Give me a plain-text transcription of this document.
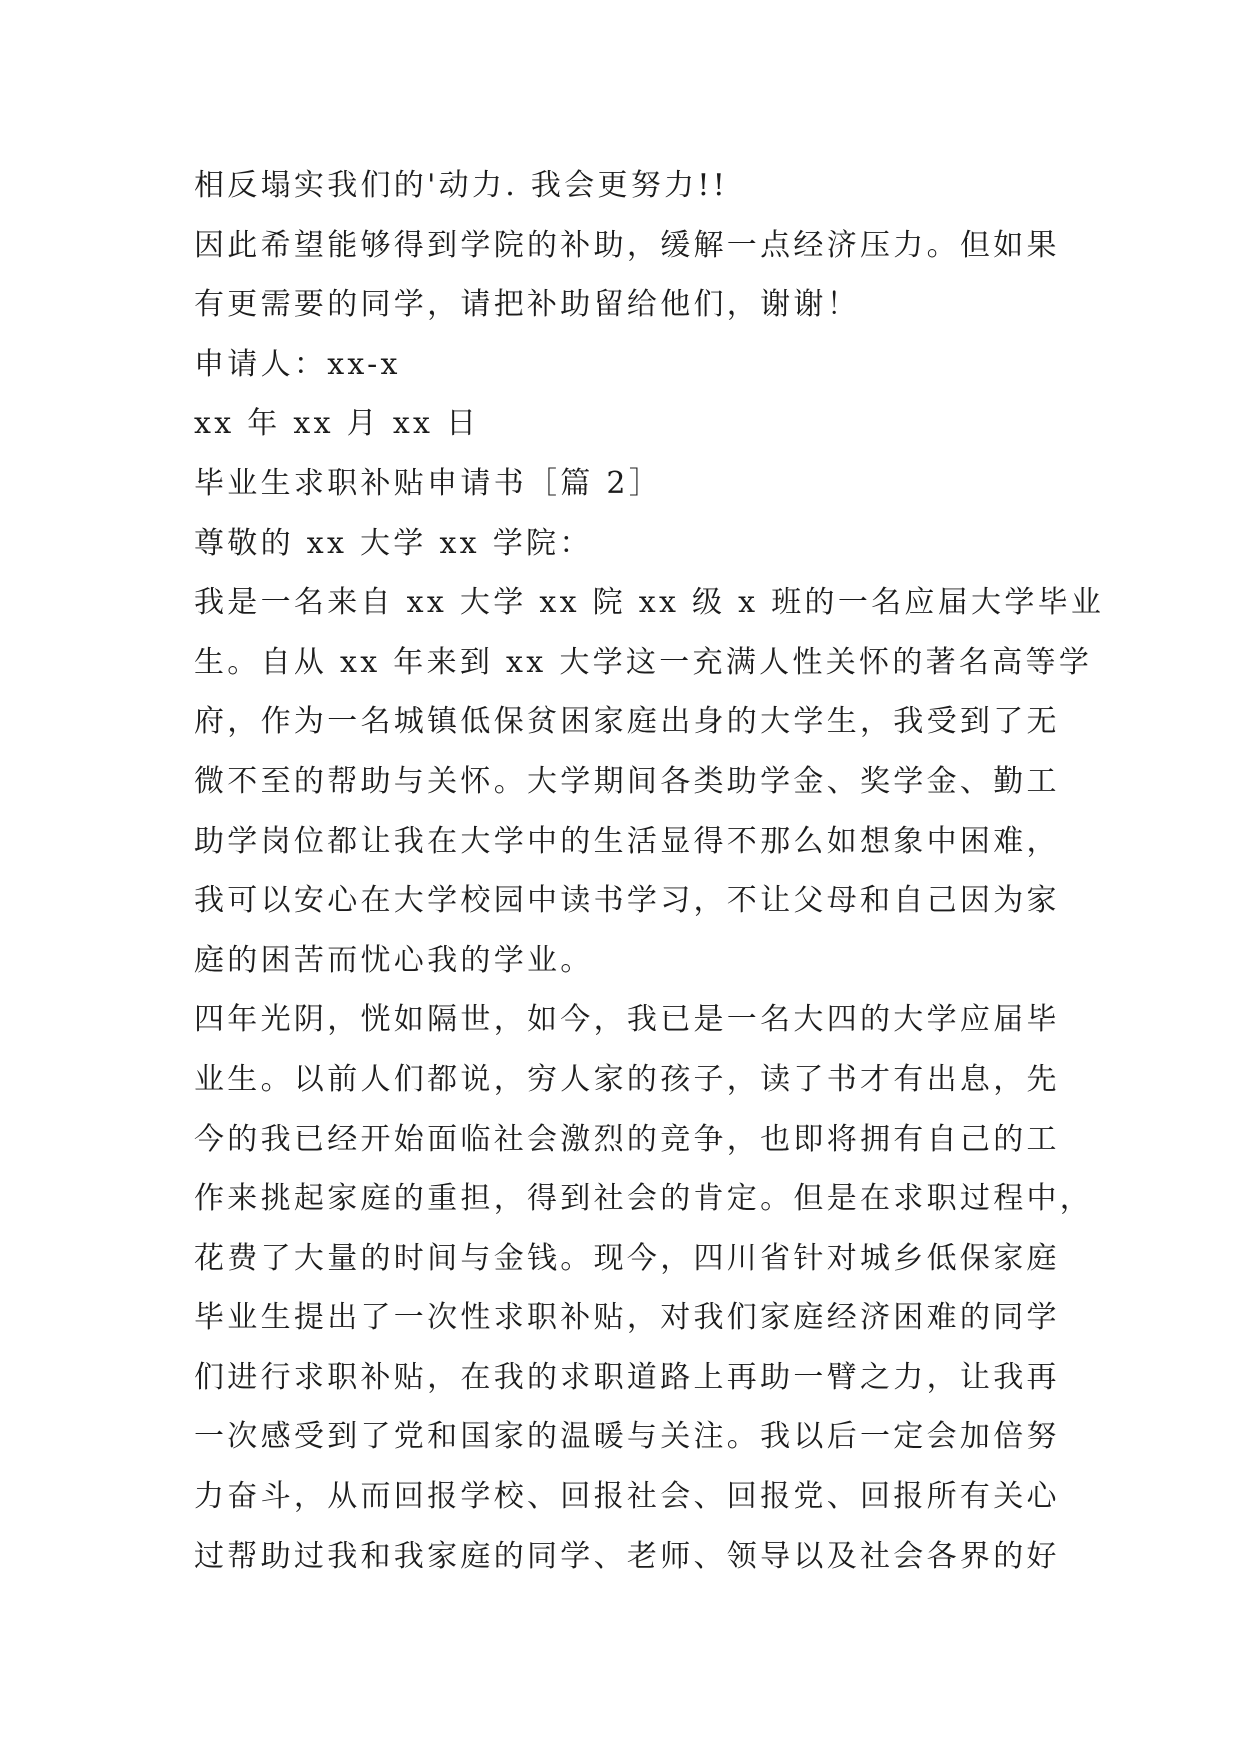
相反塌实我们的'动力. 我会更努力!!
因此希望能够得到学院的补助，缓解一点经济压力。但如果
有更需要的同学，请把补助留给他们，谢谢！
申请人：xx-x
xx 年 xx 月 xx 日
毕业生求职补贴申请书［篇 2］
尊敬的 xx 大学 xx 学院：
我是一名来自 xx 大学 xx 院 xx 级 x 班的一名应届大学毕业
生。自从 xx 年来到 xx 大学这一充满人性关怀的著名高等学
府，作为一名城镇低保贫困家庭出身的大学生，我受到了无
微不至的帮助与关怀。大学期间各类助学金、奖学金、勤工
助学岗位都让我在大学中的生活显得不那么如想象中困难，
我可以安心在大学校园中读书学习，不让父母和自己因为家
庭的困苦而忧心我的学业。
四年光阴，恍如隔世，如今，我已是一名大四的大学应届毕
业生。以前人们都说，穷人家的孩子，读了书才有出息，先
今的我已经开始面临社会激烈的竞争，也即将拥有自己的工
作来挑起家庭的重担，得到社会的肯定。但是在求职过程中，
花费了大量的时间与金钱。现今，四川省针对城乡低保家庭
毕业生提出了一次性求职补贴，对我们家庭经济困难的同学
们进行求职补贴，在我的求职道路上再助一臂之力，让我再
一次感受到了党和国家的温暖与关注。我以后一定会加倍努
力奋斗，从而回报学校、回报社会、回报党、回报所有关心
过帮助过我和我家庭的同学、老师、领导以及社会各界的好
